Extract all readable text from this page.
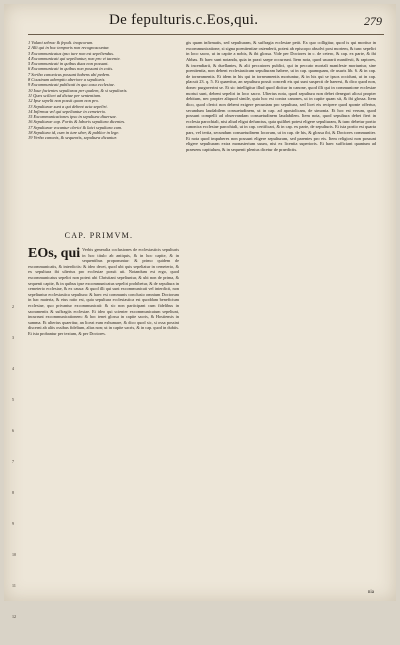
De fepulturis.c.Eos,qui.	279
1 Vulani sebrac & fepult. inopcorum.
2 Alli qui in hoc temporis non recognoscuntur.
3 Excommunicatus ipso iure non est sepeliendus.
4 Excommunicati qui sepeliuntur, non pro vi tacente.
5 Excommunicati in quibus duas non possunt.
6 Excommunicati in quibus non possunt in cotis.
7 Scriba canonicus possunt habens ubi pedem.
8 Cousinum ademptio uberiore a sepulturis.
9 Excommunicati publicati in quo casu ecclesiae.
10 Ioue facientes sepulturas per qualem, & si sepulturis.
11 Ques scilicet ad dictae per sententiam.
12 Ipse sepelit non possit quom non pro.
13 Sepulturae sunt a qui debent acta sepeliri.
14 Infirmus vel qui sepeliuntur in cemeterio.
15 Excommunicationes ipso in sepultura diuersae.
16 Sepulturae cap. Fortis & laboris sepultura dicentes.
17 Sepulturae vocantur clerici & laici sepultura cum.
18 Sepultura id, cum in iure uber, & publice in lege.
19 Verba canonis, & sequentis, sepultura dicuntur.
CAP. PRIMVM.
2
3
4
5
6
7
8
9
10
11
12
EOs, qui Verbis generalia coclusiones de ecclesiasticis sepulturis in hoc titulo ab antiquis, & in hoc capite, & in sequentibus proponuntur: & primo quidem de excommunicatis, & interdictis: & ideo decet, quod ubi quis sepeliatur in cemeterio, & ex sepultura ibi ulterius pro ecclesiae possit uti. Notandum est ergo, quod excommunicatus sepeliri non potest ubi Christiani sepeliuntur, & ubi non de prima, & sequenti capite, & in quibus ipse excommunicatus sepeliri prohibetur, & de sepultura in cemeterio ecclesiae, & ex causa: & quod illi qui sunt excommunicati vel interdicti, non sepeliuntur ecclesiastica sepultura: & haec est communis conclusio omnium Doctorum in hac materia, & eius ratio est, quia sepultura ecclesiastica est quoddam beneficium ecclesiae, quo privantur excommunicati: & sic non participant cum fidelibus in sacramentis & suffragiis ecclesiae. Et ideo qui scienter excommunicatum sepeliunt, incurrunt excommunicationem: & hoc tenet glossa in capite sacris, & Hostiensis in summa. Et ulterius quaeritur, an liceat eum exhumare, & dico quod sic, si ossa possint discerni ab aliis ossibus fidelium, alias non; ut in capite sacris, & in cap. quod in dubiis. Et ista probantur per textum, & per Doctores.
gis quam infirmatis, sed sepulturam, & suffragia ecclesiae petit. Ex quo colligitur, quod is qui moritur in excommunicatione, si signa poenitentiae ostenderit, potest ab episcopo absolvi post mortem, & tunc sepeliri in loco sacro, ut in capite a nobis, & ibi glossa. Vide per Doctores in c. de cetero, & cap. ex parte, & ibi Abbas. Et haec sunt notanda, quia in praxi saepe occurrunt. Item nota, quod usurarii manifesti, & raptores, & incendiarii, & duellantes, & alii peccatores publici, qui in peccato mortali manifeste moriuntur, sine poenitentia, non debent ecclesiasticam sepulturam habere, ut in cap. quamquam, de usuris lib. 6. & in cap. de torneamentis. Et idem in his qui in torneamentis moriuntur, & in his qui se ipsos occidunt, ut in cap. placuit 23. q. 5. Et quaeritur, an sepultura possit concedi eis qui sunt suspecti de haeresi, & dico quod non, donec purgaverint se. Et sic intelligitur illud quod dicitur in canone, quod illi qui in communione ecclesiae mortui sunt, debent sepeliri in loco sacro. Ulterius nota, quod sepultura non debet denegari alicui propter debitum, nec propter aliquod simile, quia hoc est contra canones, ut in capite quam sit, & ibi glossa. Item dico, quod clerici non debent exigere pecuniam pro sepultura, sed licet eis recipere quod sponte offertur, secundum laudabilem consuetudinem, ut in cap. ad apostolicam, de simonia. Et hoc est verum, quod possunt compelli ad observandam consuetudinem laudabilem. Item nota, quod sepultura debet fieri in ecclesia parochiali, nisi aliud eligat defunctus, quia quilibet potest eligere sepulturam, & tunc debetur portio canonica ecclesiae parochiali, ut in cap. certificari, & in cap. ex parte, de sepulturis. Et ista portio est quarta pars, vel tertia, secundum consuetudinem locorum, ut in cap. de his, & glossa ibi, & Doctores communiter. Et nota quod impuberes non possunt eligere sepulturam, sed parentes pro eis. Item religiosi non possunt eligere sepulturam extra monasterium suum, nisi ex licentia superioris. Et haec sufficiant quantum ad praesens capitulum, & in sequenti plenius dicetur de praedictis.
nia
